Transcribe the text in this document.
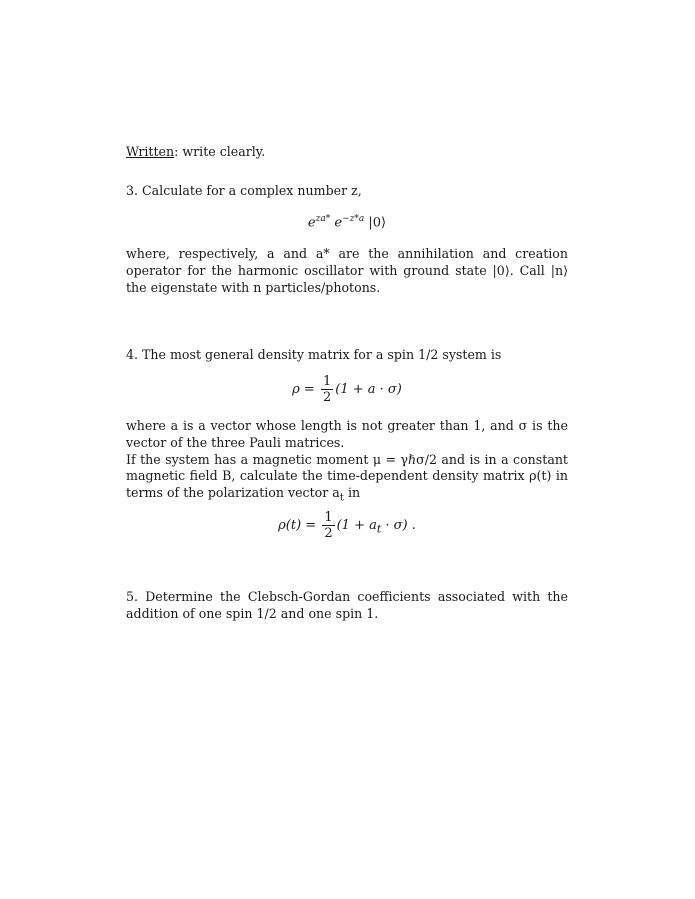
Written: write clearly.
3. Calculate for a complex number z,
$e^{za*}$ $e^{-z*a}$ |0⟩
where, respectively, a and a* are the annihilation and creation operator for the harmonic oscillator with ground state |0⟩. Call |n⟩ the eigenstate with n particles/photons.
4. The most general density matrix for a spin 1/2 system is
$\rho = \frac{1}{2} (1 + a \cdot \sigma)$
where a is a vector whose length is not greater than 1, and σ is the vector of the three Pauli matrices.
If the system has a magnetic moment μ = γℏσ/2 and is in a constant magnetic field B, calculate the time-dependent density matrix ρ(t) in terms of the polarization vector $a_t$ in
$\rho(t) = \frac{1}{2} (1 + a_t \cdot \sigma)$ .
5. Determine the Clebsch-Gordan coefficients associated with the addition of one spin 1/2 and one spin 1.
